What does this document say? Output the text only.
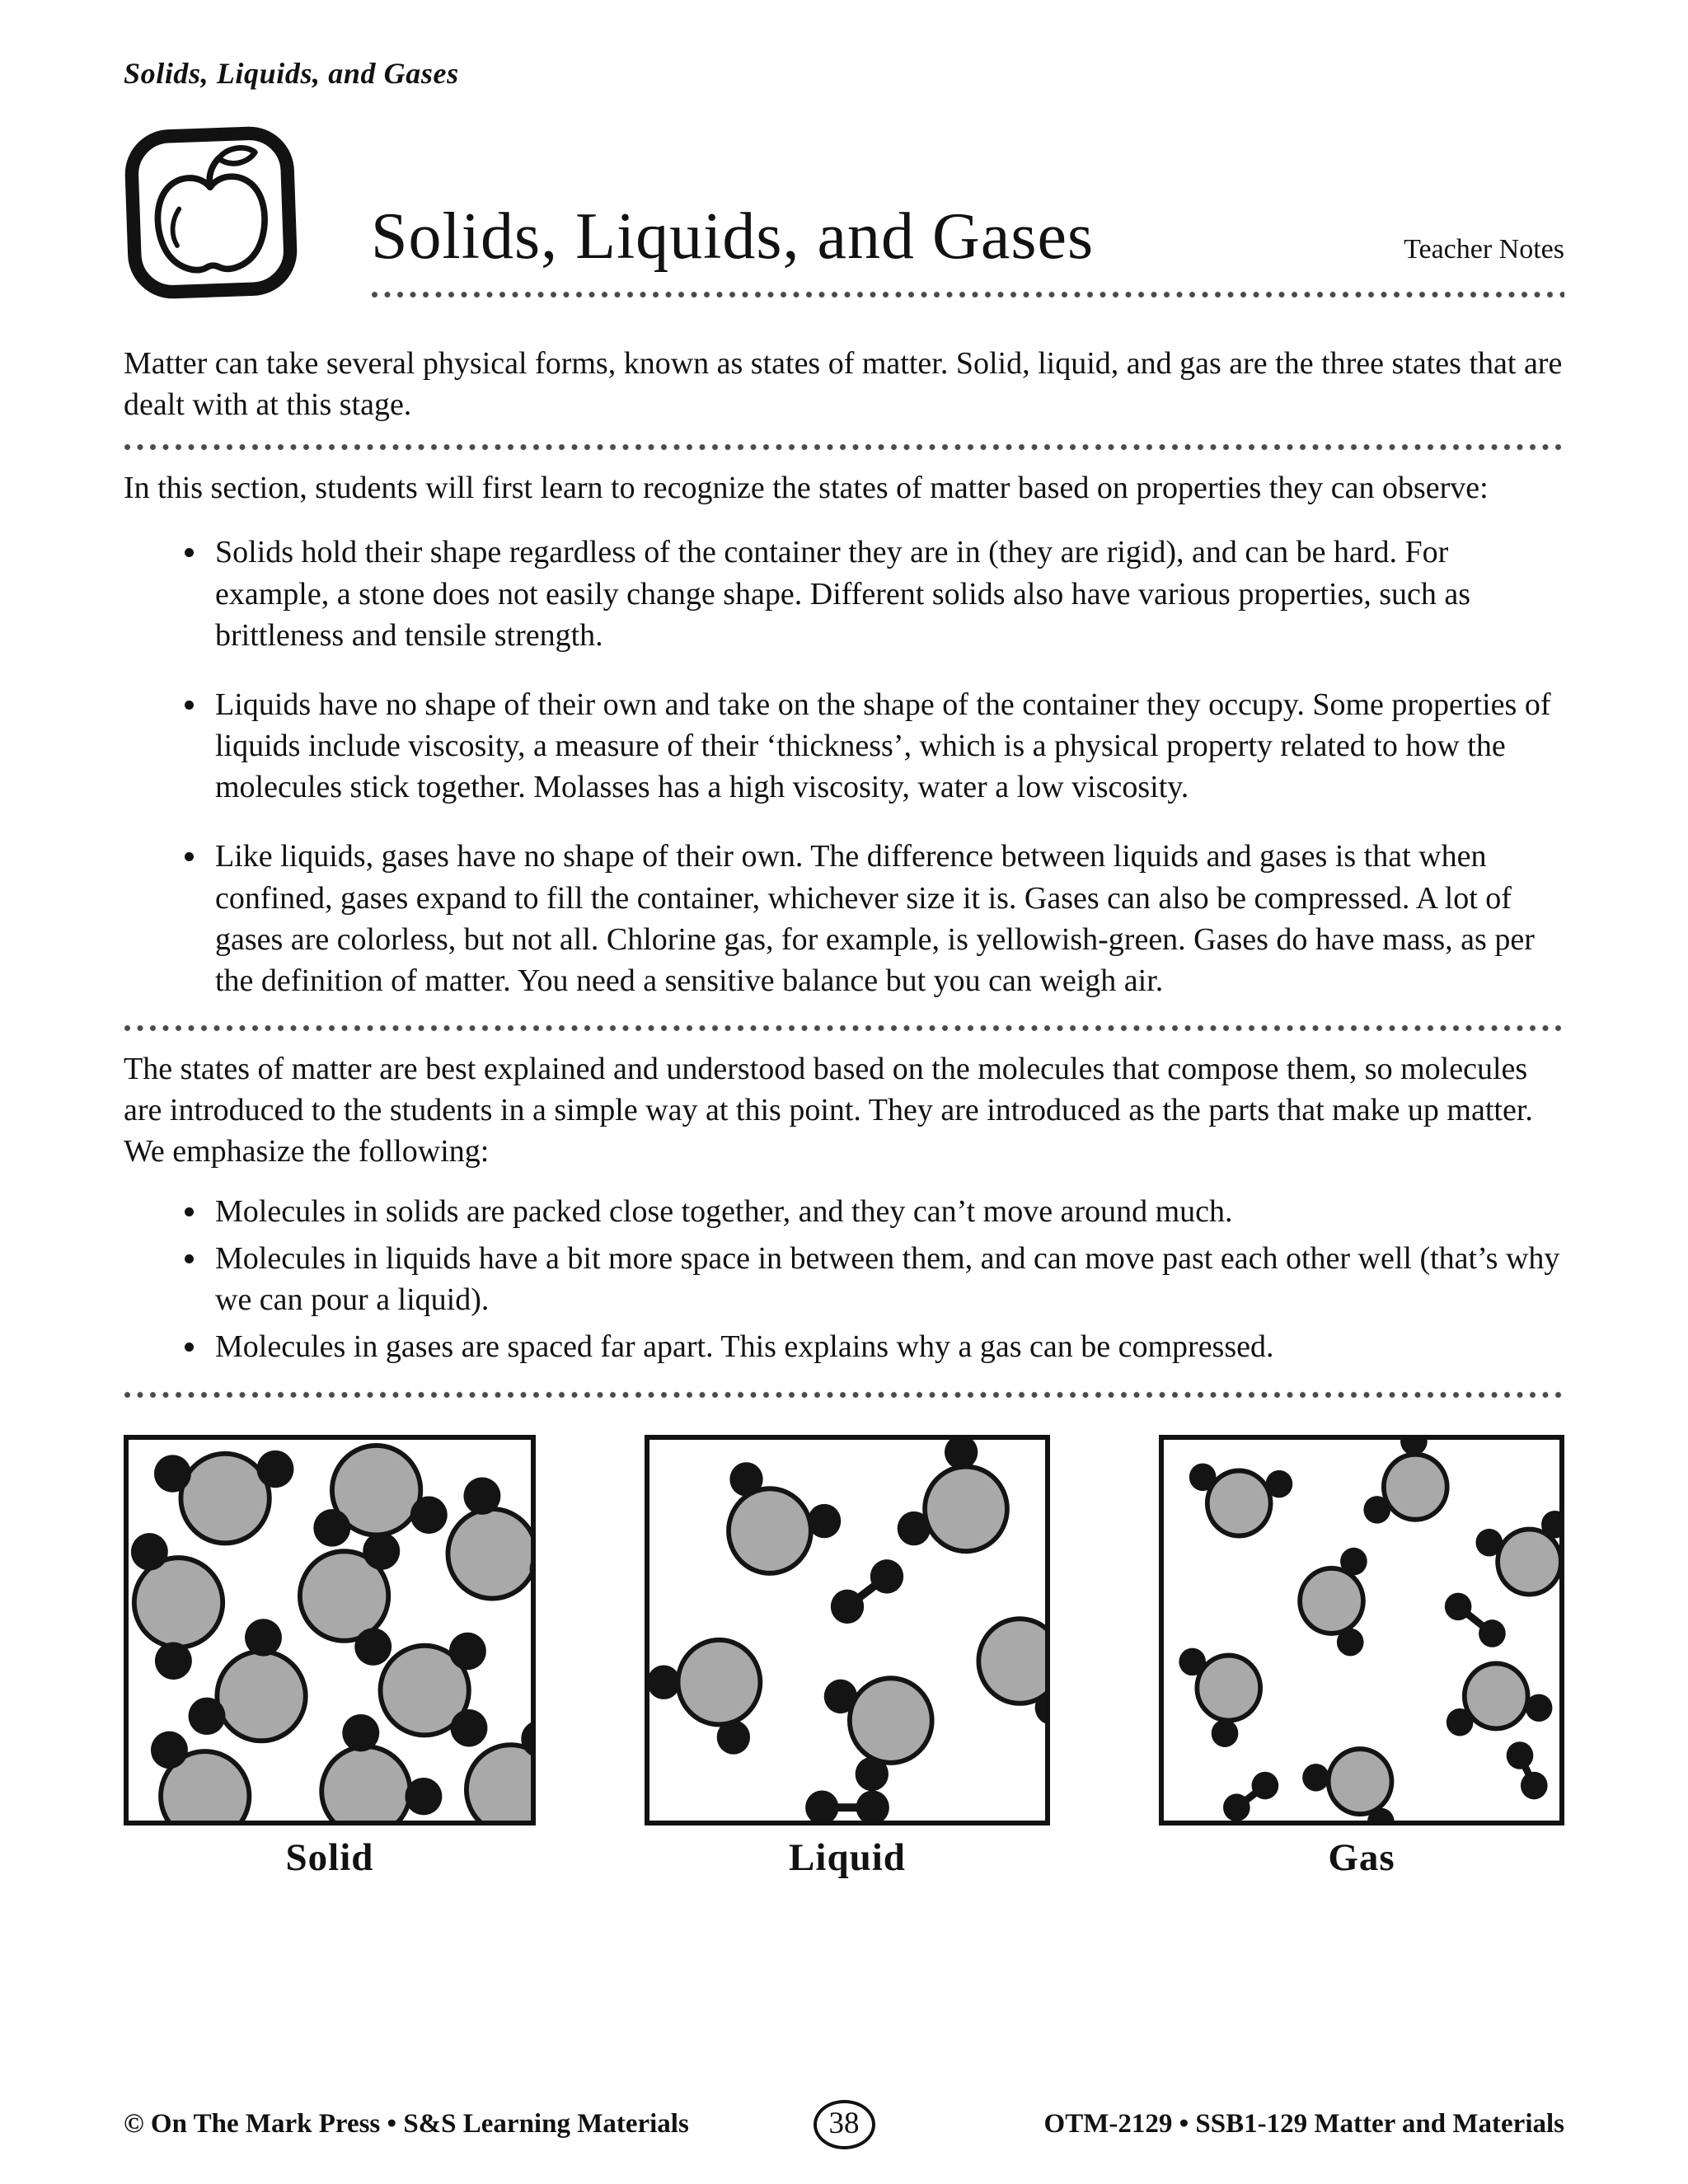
Solids, Liquids, and Gases
Solids, Liquids, and Gases	Teacher Notes

Matter can take several physical forms, known as states of matter. Solid, liquid, and gas are the three states that are dealt with at this stage.

In this section, students will first learn to recognize the states of matter based on properties they can observe:

• Solids hold their shape regardless of the container they are in (they are rigid), and can be hard. For example, a stone does not easily change shape. Different solids also have various properties, such as brittleness and tensile strength.
• Liquids have no shape of their own and take on the shape of the container they occupy. Some properties of liquids include viscosity, a measure of their ‘thickness’, which is a physical property related to how the molecules stick together. Molasses has a high viscosity, water a low viscosity.
• Like liquids, gases have no shape of their own. The difference between liquids and gases is that when confined, gases expand to fill the container, whichever size it is. Gases can also be compressed. A lot of gases are colorless, but not all. Chlorine gas, for example, is yellowish-green. Gases do have mass, as per the definition of matter. You need a sensitive balance but you can weigh air.

The states of matter are best explained and understood based on the molecules that compose them, so molecules are introduced to the students in a simple way at this point. They are introduced as the parts that make up matter. We emphasize the following:

• Molecules in solids are packed close together, and they can’t move around much.
• Molecules in liquids have a bit more space in between them, and can move past each other well (that’s why we can pour a liquid).
• Molecules in gases are spaced far apart. This explains why a gas can be compressed.
Solid	Liquid	Gas
© On The Mark Press • S&S Learning Materials	38	OTM-2129 • SSB1-129 Matter and Materials
